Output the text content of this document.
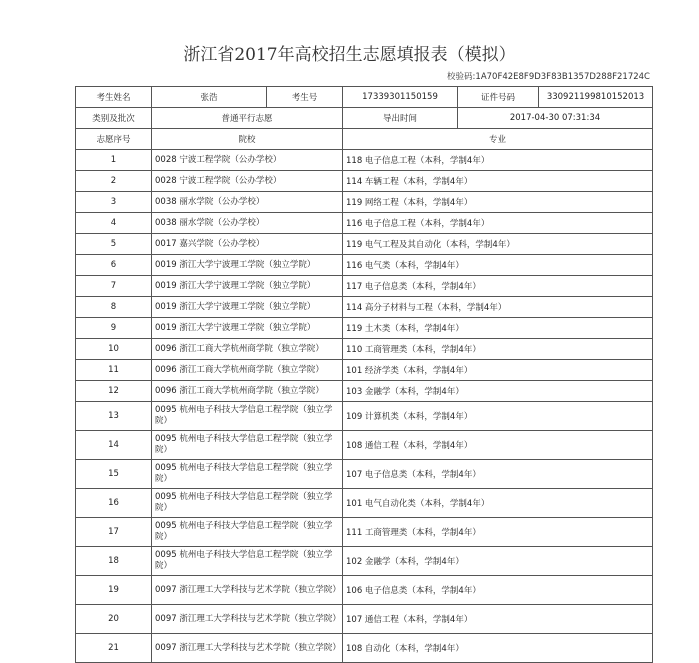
浙江省2017年高校招生志愿填报表（模拟）
校验码:1A70F42E8F9D3F83B1357D288F21724C
考生姓名	张浩	考生号	17339301150159	证件号码	330921199810152013
类别及批次	普通平行志愿		导出时间	2017-04-30 07:31:34	
志愿序号	院校		专业		
1	0028 宁波工程学院（公办学校）		118 电子信息工程（本科，学制4年）		
2	0028 宁波工程学院（公办学校）		114 车辆工程（本科，学制4年）		
3	0038 丽水学院（公办学校）		119 网络工程（本科，学制4年）		
4	0038 丽水学院（公办学校）		116 电子信息工程（本科，学制4年）		
5	0017 嘉兴学院（公办学校）		119 电气工程及其自动化（本科，学制4年）		
6	0019 浙江大学宁波理工学院（独立学院）		116 电气类（本科，学制4年）		
7	0019 浙江大学宁波理工学院（独立学院）		117 电子信息类（本科，学制4年）		
8	0019 浙江大学宁波理工学院（独立学院）		114 高分子材料与工程（本科，学制4年）		
9	0019 浙江大学宁波理工学院（独立学院）		119 土木类（本科，学制4年）		
10	0096 浙江工商大学杭州商学院（独立学院）		110 工商管理类（本科，学制4年）		
11	0096 浙江工商大学杭州商学院（独立学院）		101 经济学类（本科，学制4年）		
12	0096 浙江工商大学杭州商学院（独立学院）		103 金融学（本科，学制4年）		
13	0095 杭州电子科技大学信息工程学院（独立学院）		109 计算机类（本科，学制4年）		
14	0095 杭州电子科技大学信息工程学院（独立学院）		108 通信工程（本科，学制4年）		
15	0095 杭州电子科技大学信息工程学院（独立学院）		107 电子信息类（本科，学制4年）		
16	0095 杭州电子科技大学信息工程学院（独立学院）		101 电气自动化类（本科，学制4年）		
17	0095 杭州电子科技大学信息工程学院（独立学院）		111 工商管理类（本科，学制4年）		
18	0095 杭州电子科技大学信息工程学院（独立学院）		102 金融学（本科，学制4年）		
19	0097 浙江理工大学科技与艺术学院（独立学院）		106 电子信息类（本科，学制4年）		
20	0097 浙江理工大学科技与艺术学院（独立学院）		107 通信工程（本科，学制4年）		
21	0097 浙江理工大学科技与艺术学院（独立学院）		108 自动化（本科，学制4年）		
